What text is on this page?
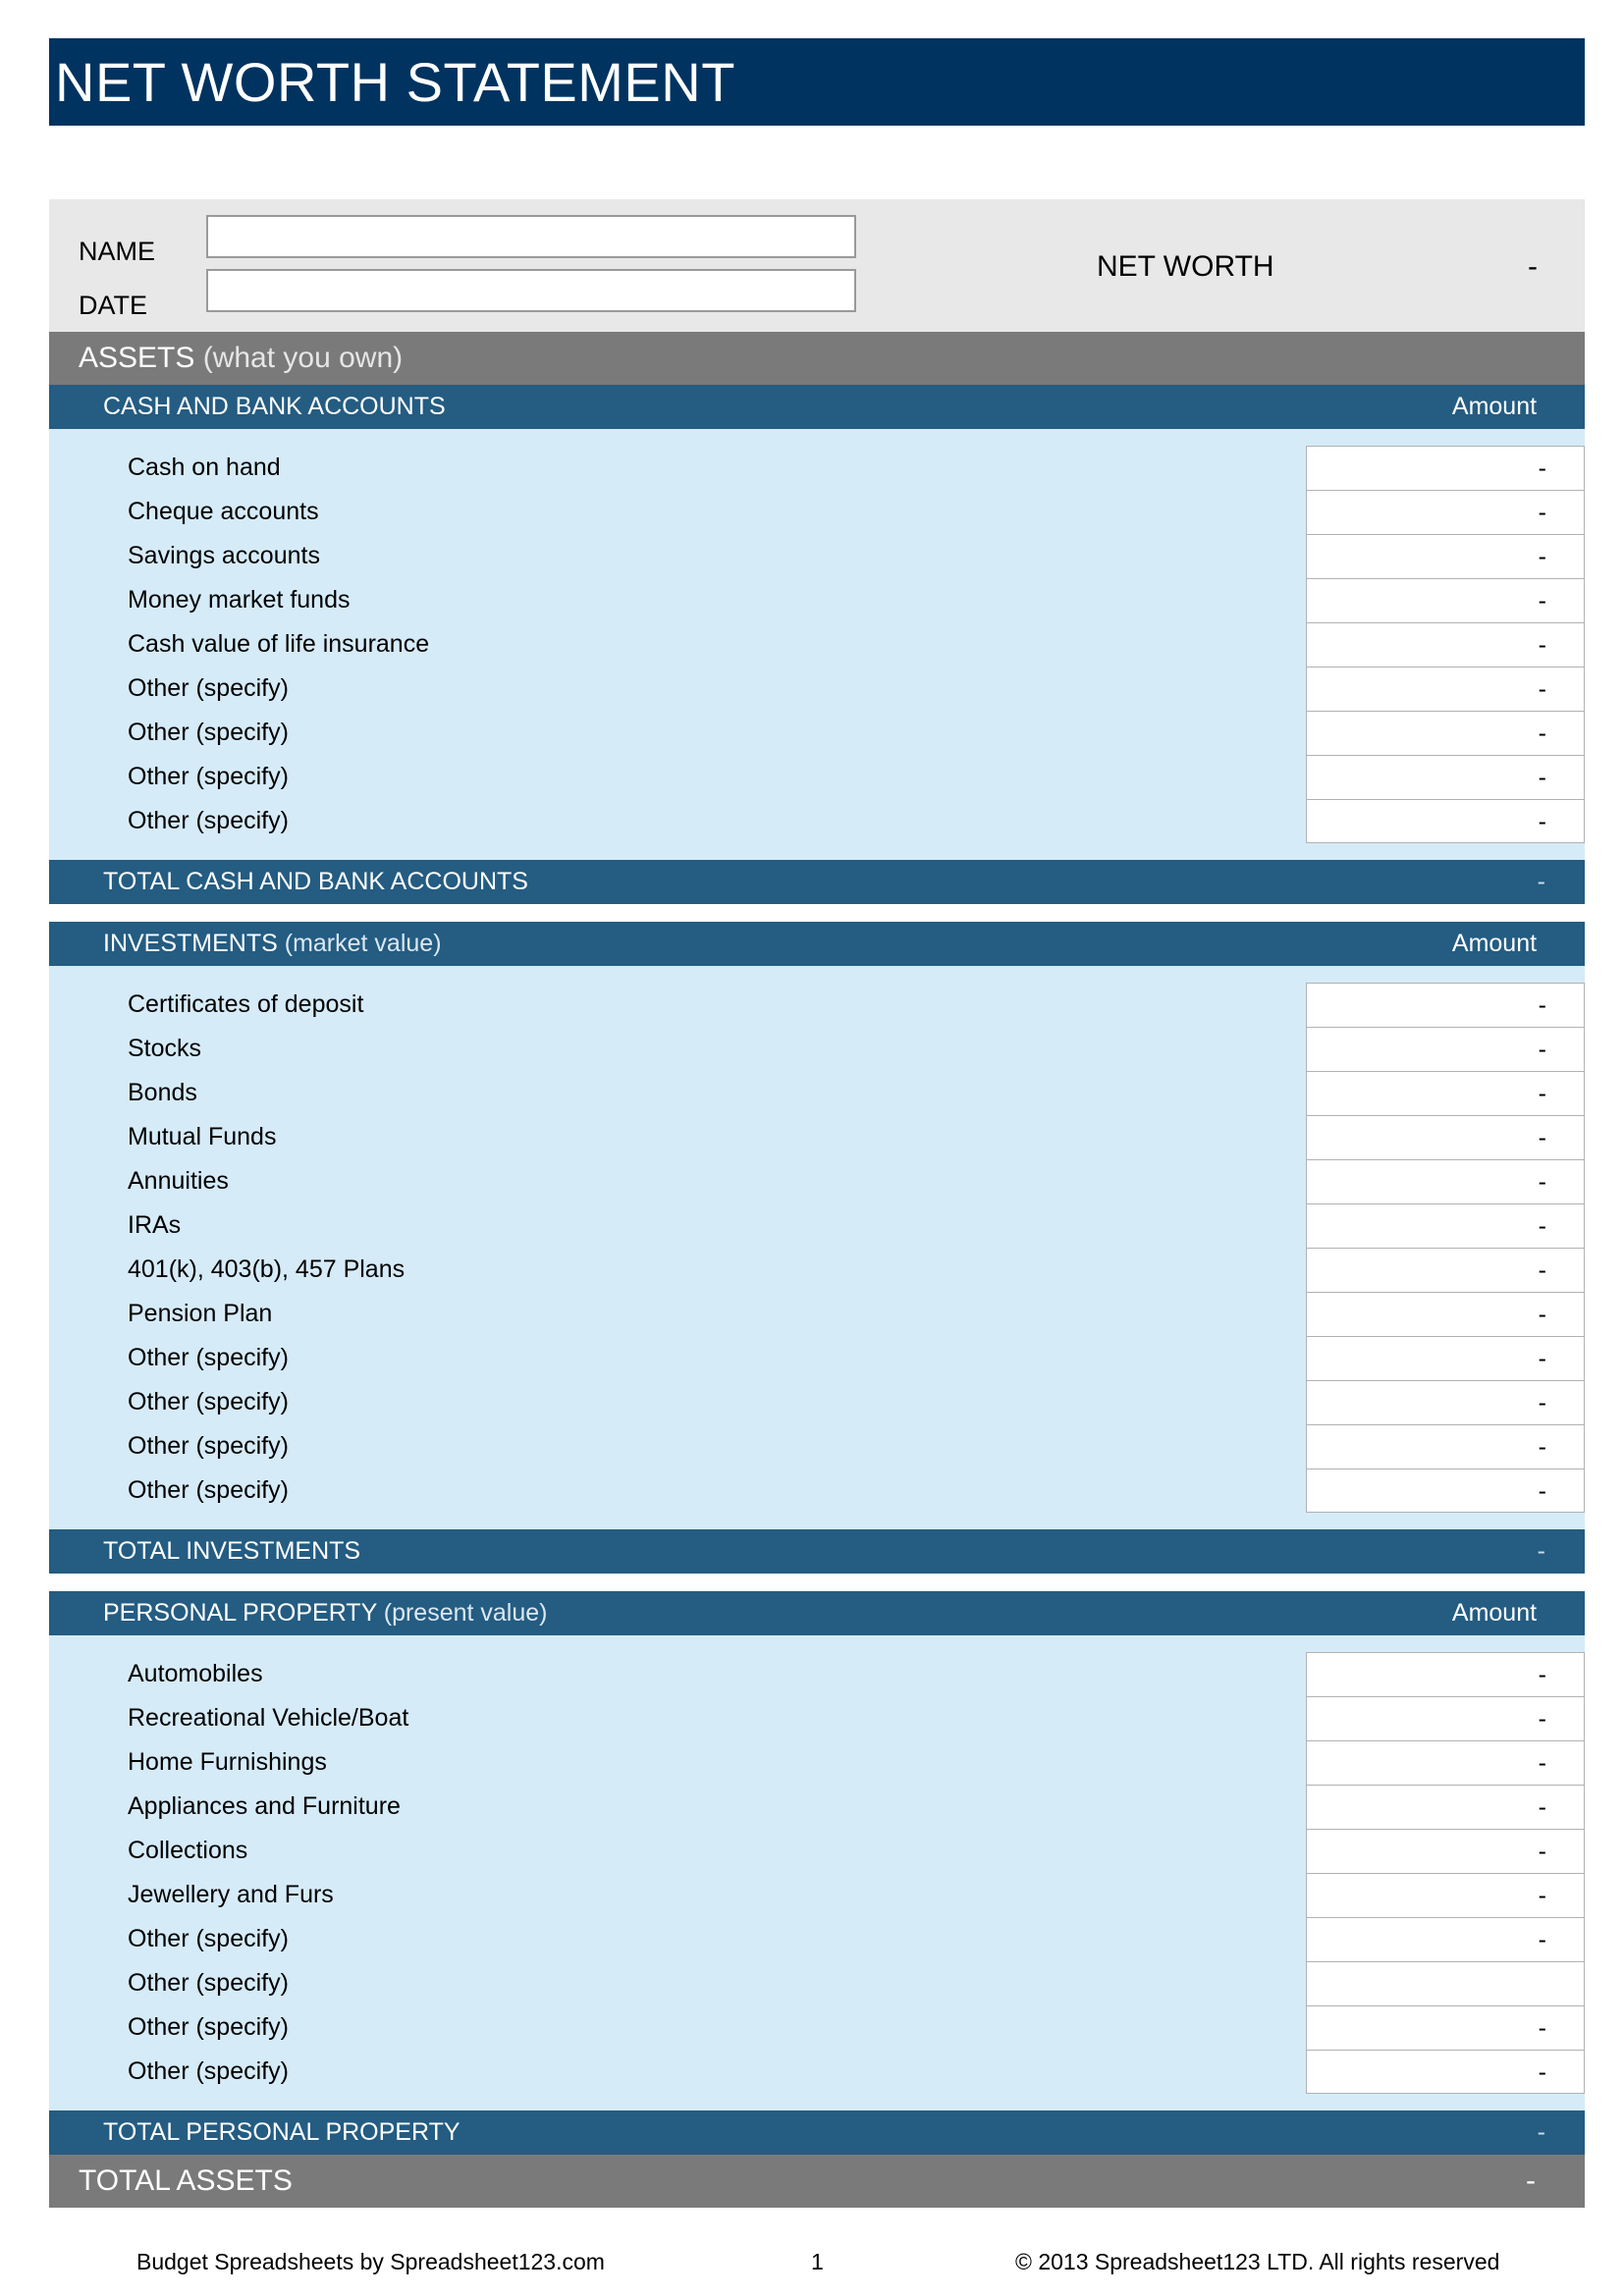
NET WORTH STATEMENT
NAME
DATE
NET WORTH	-
ASSETS (what you own)
CASH AND BANK ACCOUNTS	Amount
Cash on hand	-
Cheque accounts	-
Savings accounts	-
Money market funds	-
Cash value of life insurance	-
Other (specify)	-
Other (specify)	-
Other (specify)	-
Other (specify)	-
TOTAL CASH AND BANK ACCOUNTS	-
INVESTMENTS (market value)	Amount
Certificates of deposit	-
Stocks	-
Bonds	-
Mutual Funds	-
Annuities	-
IRAs	-
401(k), 403(b), 457 Plans	-
Pension Plan	-
Other (specify)	-
Other (specify)	-
Other (specify)	-
Other (specify)	-
TOTAL INVESTMENTS	-
PERSONAL PROPERTY (present value)	Amount
Automobiles	-
Recreational Vehicle/Boat	-
Home Furnishings	-
Appliances and Furniture	-
Collections	-
Jewellery and Furs	-
Other (specify)	-
Other (specify)
Other (specify)	-
Other (specify)	-
TOTAL PERSONAL PROPERTY	-
TOTAL ASSETS	-
Budget Spreadsheets by Spreadsheet123.com	1	© 2013 Spreadsheet123 LTD. All rights reserved
